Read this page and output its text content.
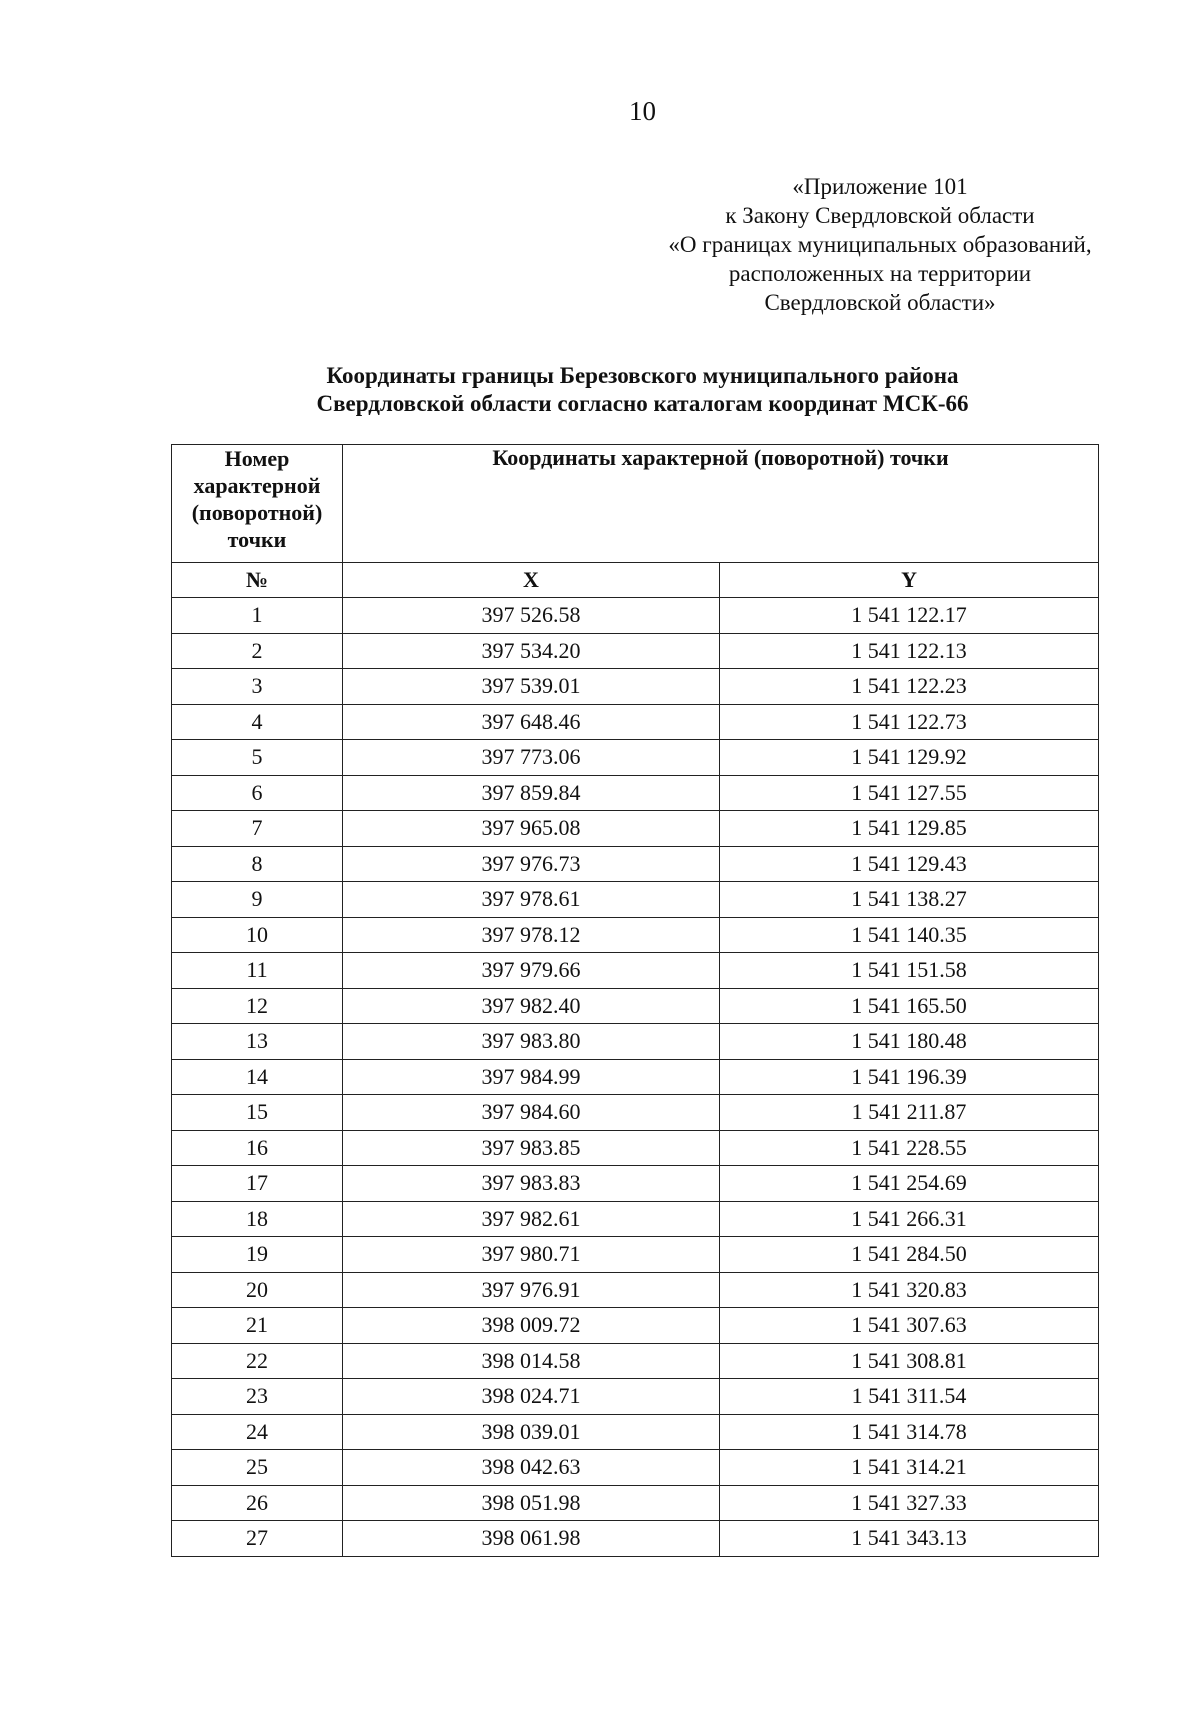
10
«Приложение 101
к Закону Свердловской области
«О границах муниципальных образований,
расположенных на территории
Свердловской области»
Координаты границы Березовского муниципального района
Свердловской области согласно каталогам координат МСК-66
Номер характерной (поворотной) точки	Координаты характерной (поворотной) точки	
№	X	Y
1	397 526.58	1 541 122.17
2	397 534.20	1 541 122.13
3	397 539.01	1 541 122.23
4	397 648.46	1 541 122.73
5	397 773.06	1 541 129.92
6	397 859.84	1 541 127.55
7	397 965.08	1 541 129.85
8	397 976.73	1 541 129.43
9	397 978.61	1 541 138.27
10	397 978.12	1 541 140.35
11	397 979.66	1 541 151.58
12	397 982.40	1 541 165.50
13	397 983.80	1 541 180.48
14	397 984.99	1 541 196.39
15	397 984.60	1 541 211.87
16	397 983.85	1 541 228.55
17	397 983.83	1 541 254.69
18	397 982.61	1 541 266.31
19	397 980.71	1 541 284.50
20	397 976.91	1 541 320.83
21	398 009.72	1 541 307.63
22	398 014.58	1 541 308.81
23	398 024.71	1 541 311.54
24	398 039.01	1 541 314.78
25	398 042.63	1 541 314.21
26	398 051.98	1 541 327.33
27	398 061.98	1 541 343.13
